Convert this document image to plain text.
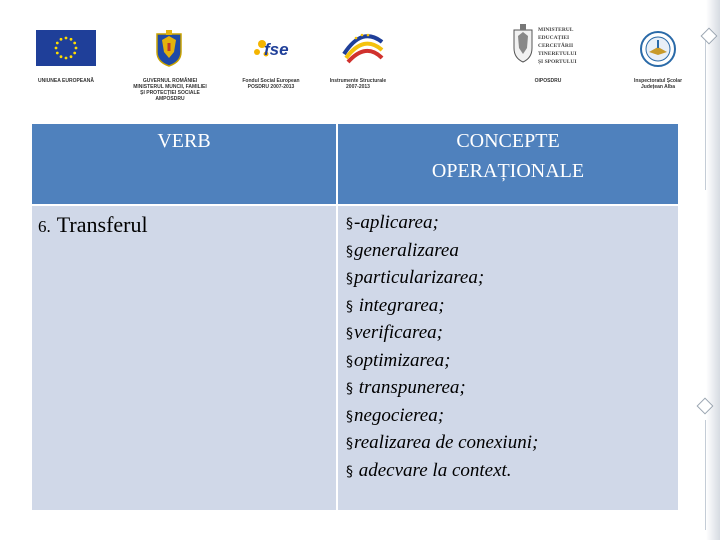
UNIUNEA EUROPEANĂ	GUVERNUL ROMÂNIEI
MINISTERUL MUNCII, FAMILIEI
ȘI PROTECȚIEI SOCIALE
AMPOSDRU
fse
Fondul Social European
POSDRU 2007-2013
Instrumente Structurale
2007-2013
MINISTERUL
EDUCAȚIEI
CERCETĂRII
TINERETULUI
ȘI SPORTULUI
OIPOSDRU	Inspectoratul Școlar
Județean Alba
VERB	CONCEPTE
OPERAȚIONALE
6. Transferul	§-aplicarea;
§generalizarea
§particularizarea;
§ integrarea;
§verificarea;
§optimizarea;
§ transpunerea;
§negocierea;
§realizarea de conexiuni;
§ adecvare la context.
